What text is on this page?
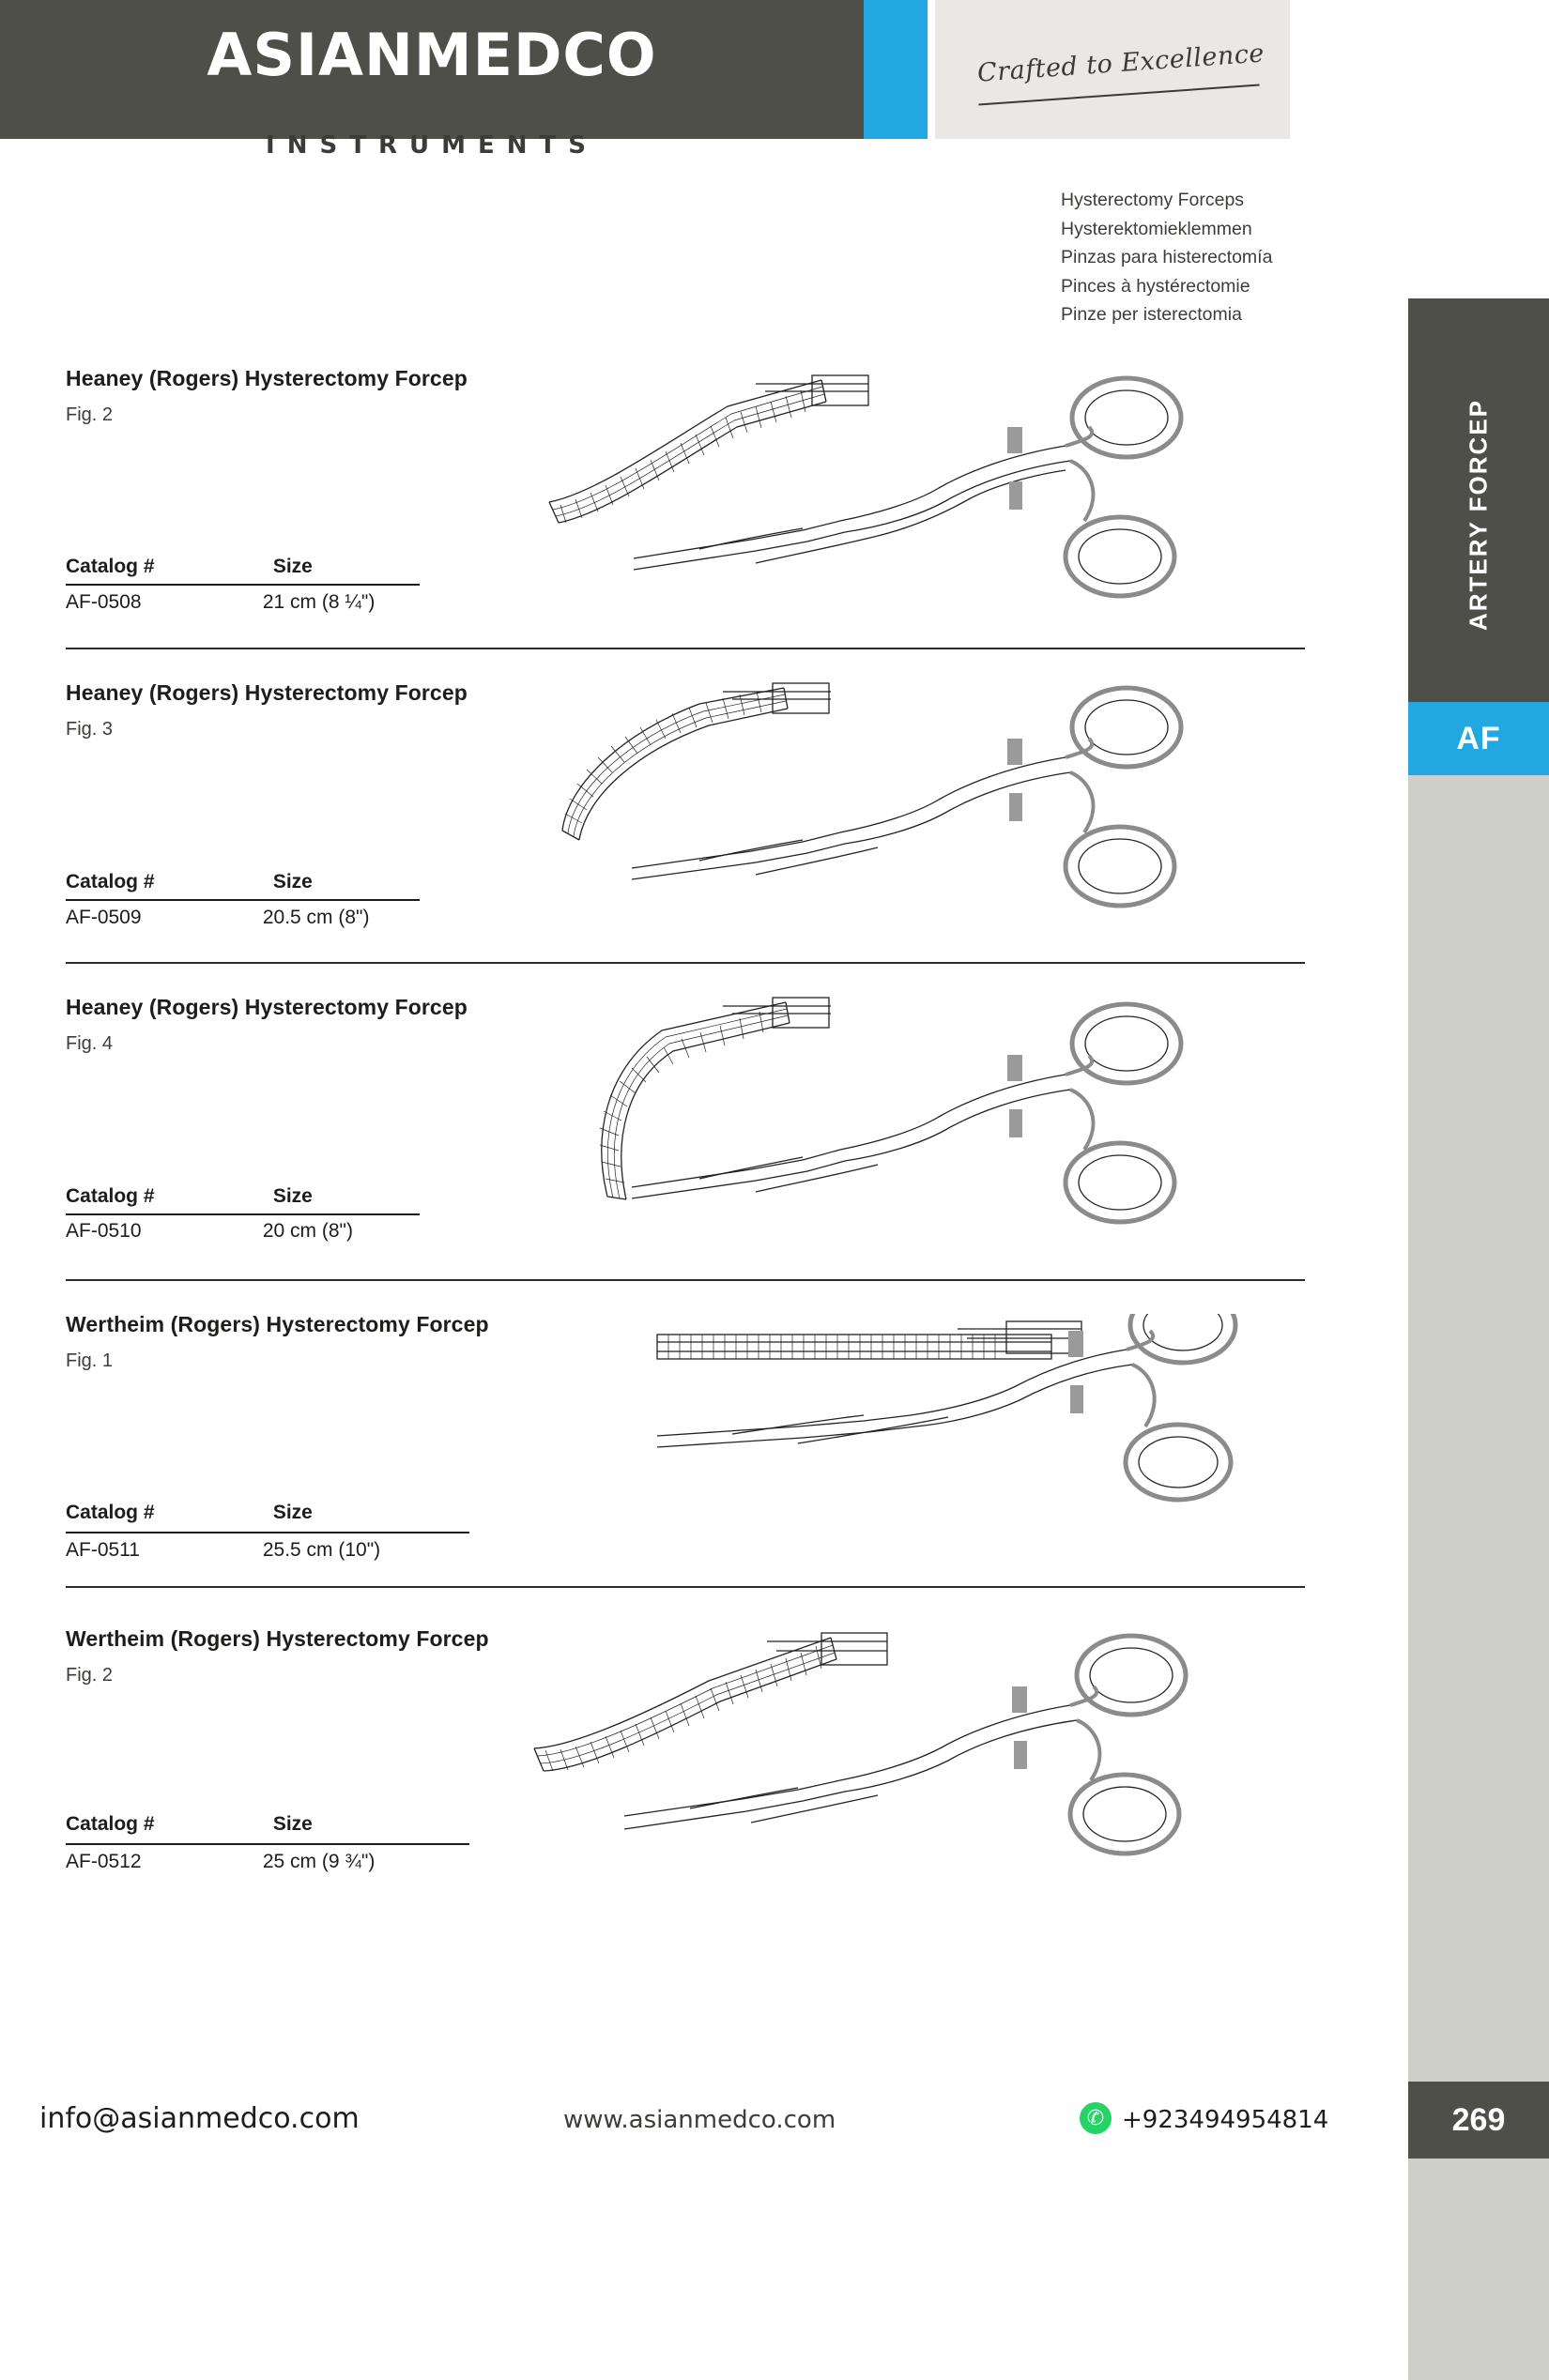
ASIANMEDCO
INSTRUMENTS
Crafted to Excellence
Hysterectomy Forceps
Hysterektomieklemmen
Pinzas para histerectomía
Pinces à hystérectomie
Pinze per isterectomia
ARTERY FORCEP
AF
Heaney (Rogers) Hysterectomy Forcep
Fig. 2
Catalog #	Size
AF-0508	21 cm (8 ¼")
Heaney (Rogers) Hysterectomy Forcep
Fig. 3
Catalog #	Size
AF-0509	20.5 cm (8")
Heaney (Rogers) Hysterectomy Forcep
Fig. 4
Catalog #	Size
AF-0510	20 cm (8")
Wertheim (Rogers) Hysterectomy Forcep
Fig. 1
Catalog #	Size
AF-0511	25.5 cm (10")
Wertheim (Rogers) Hysterectomy Forcep
Fig. 2
Catalog #	Size
AF-0512	25 cm (9 ¾")
info@asianmedco.com	www.asianmedco.com	✆ +923494954814	269
